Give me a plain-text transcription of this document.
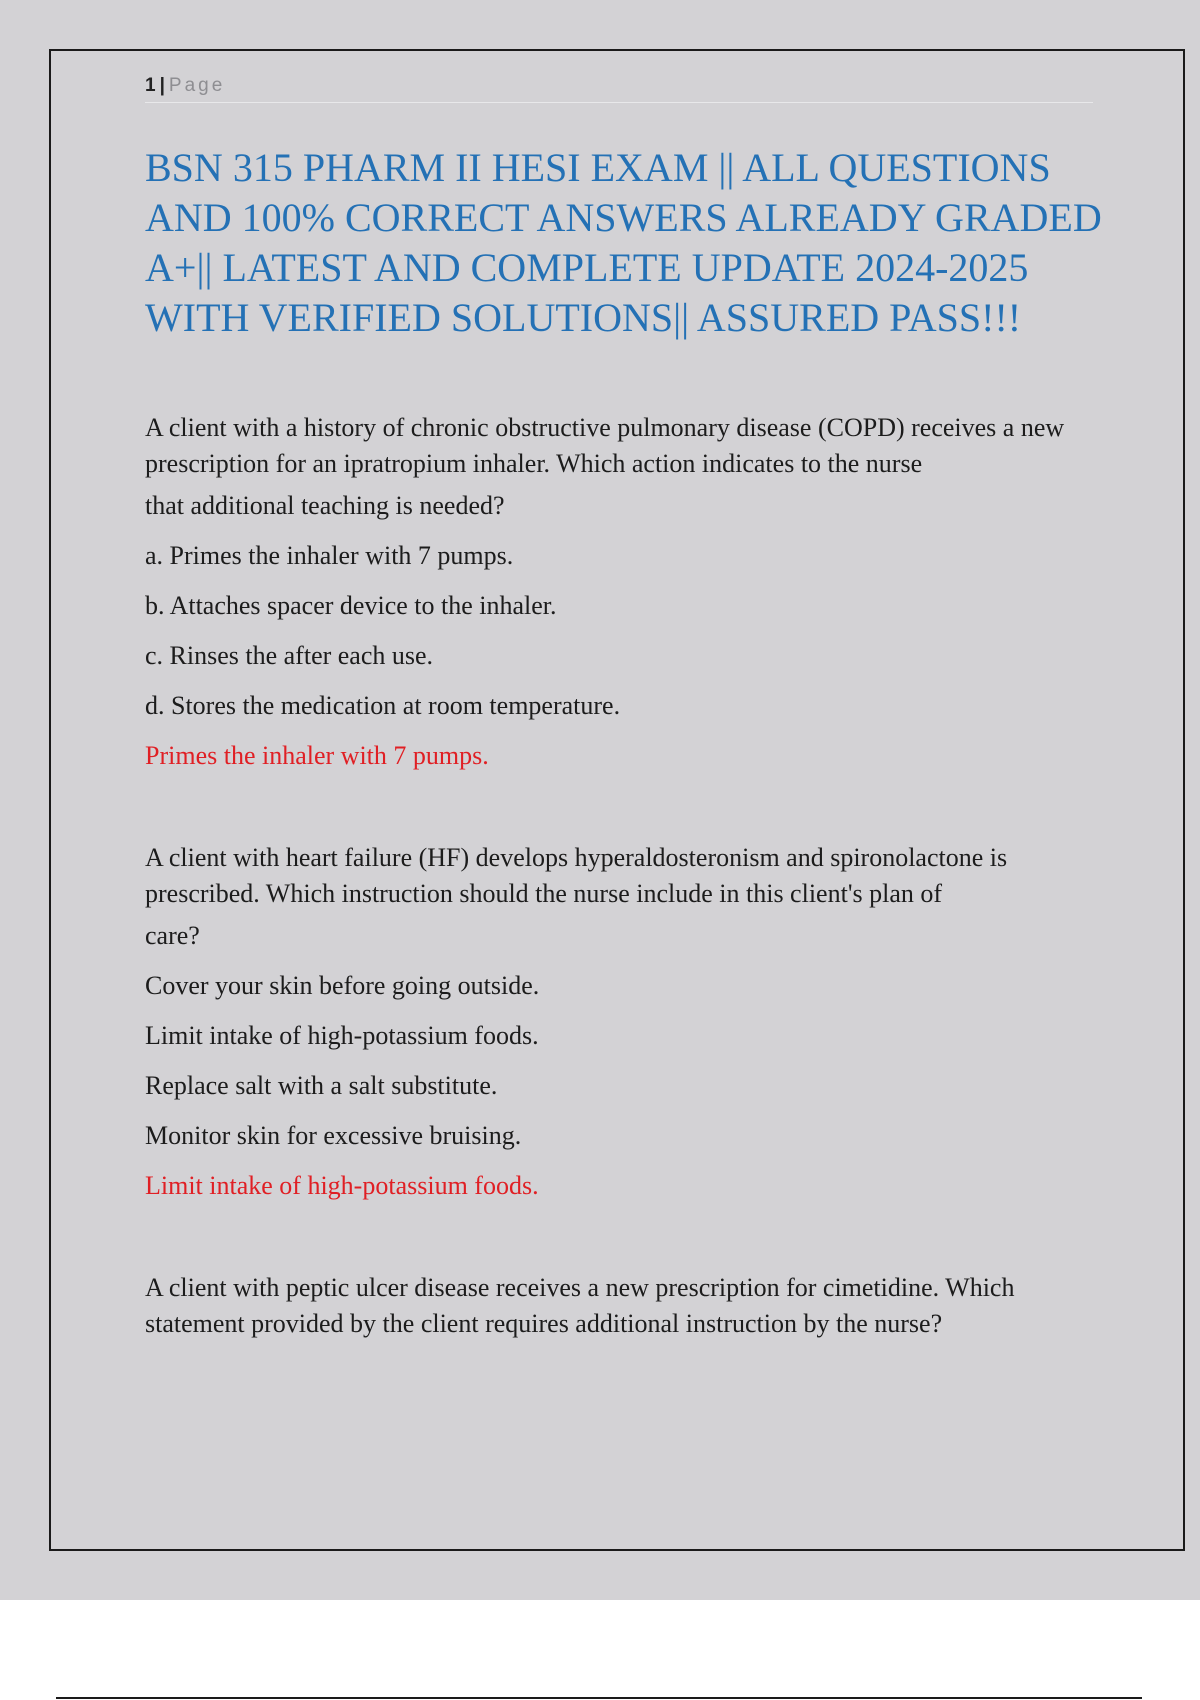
1 | Page
BSN 315 PHARM II HESI EXAM || ALL QUESTIONS AND 100% CORRECT ANSWERS ALREADY GRADED A+|| LATEST AND COMPLETE UPDATE 2024-2025 WITH VERIFIED SOLUTIONS|| ASSURED PASS!!!

A client with a history of chronic obstructive pulmonary disease (COPD) receives a new prescription for an ipratropium inhaler. Which action indicates to the nurse

that additional teaching is needed?

a. Primes the inhaler with 7 pumps.
b. Attaches spacer device to the inhaler.
c. Rinses the after each use.
d. Stores the medication at room temperature.

Primes the inhaler with 7 pumps.

A client with heart failure (HF) develops hyperaldosteronism and spironolactone is prescribed. Which instruction should the nurse include in this client's plan of

care?

Cover your skin before going outside.
Limit intake of high-potassium foods.
Replace salt with a salt substitute.
Monitor skin for excessive bruising.

Limit intake of high-potassium foods.

A client with peptic ulcer disease receives a new prescription for cimetidine. Which statement provided by the client requires additional instruction by the nurse?
